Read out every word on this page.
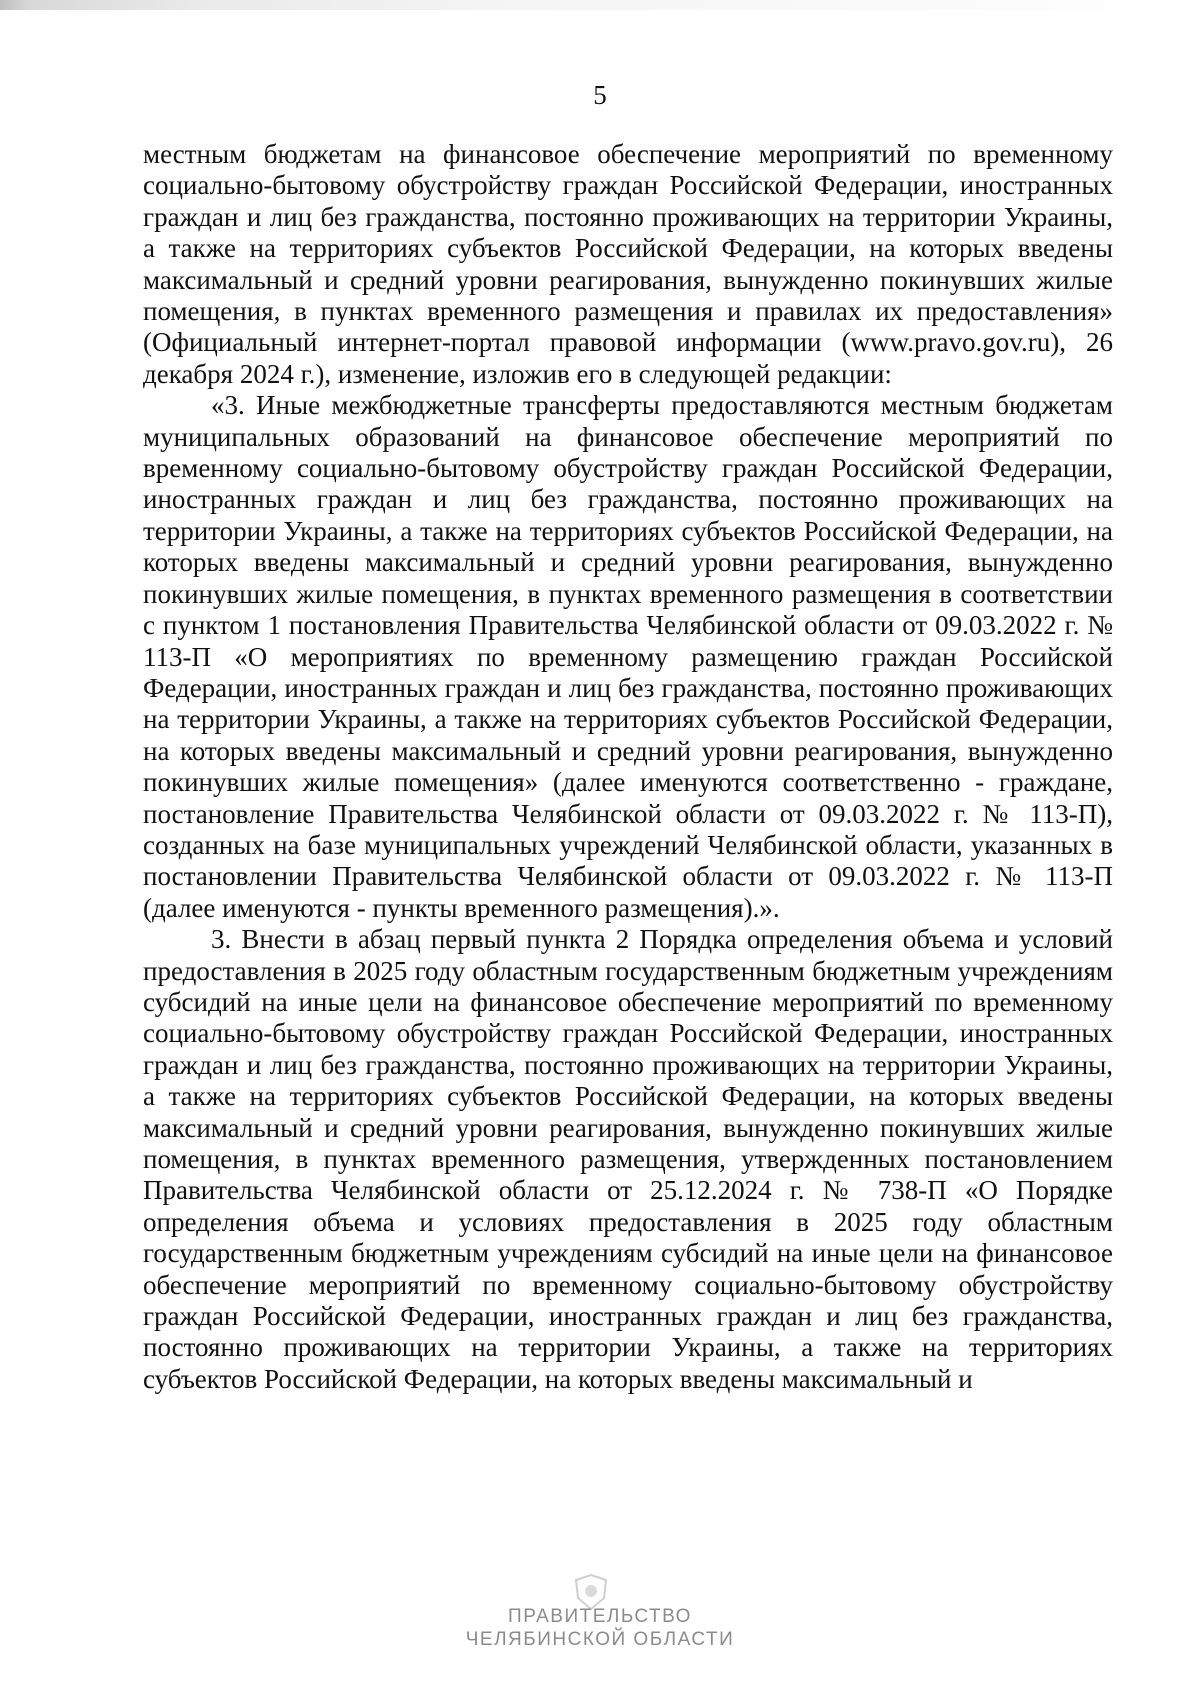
5

местным бюджетам на финансовое обеспечение мероприятий по временному социально-бытовому обустройству граждан Российской Федерации, иностранных граждан и лиц без гражданства, постоянно проживающих на территории Украины, а также на территориях субъектов Российской Федерации, на которых введены максимальный и средний уровни реагирования, вынужденно покинувших жилые помещения, в пунктах временного размещения и правилах их предоставления» (Официальный интернет-портал правовой информации (www.pravo.gov.ru), 26 декабря 2024 г.), изменение, изложив его в следующей редакции:

«3. Иные межбюджетные трансферты предоставляются местным бюджетам муниципальных образований на финансовое обеспечение мероприятий по временному социально-бытовому обустройству граждан Российской Федерации, иностранных граждан и лиц без гражданства, постоянно проживающих на территории Украины, а также на территориях субъектов Российской Федерации, на которых введены максимальный и средний уровни реагирования, вынужденно покинувших жилые помещения, в пунктах временного размещения в соответствии с пунктом 1 постановления Правительства Челябинской области от 09.03.2022 г. № 113-П «О мероприятиях по временному размещению граждан Российской Федерации, иностранных граждан и лиц без гражданства, постоянно проживающих на территории Украины, а также на территориях субъектов Российской Федерации, на которых введены максимальный и средний уровни реагирования, вынужденно покинувших жилые помещения» (далее именуются соответственно - граждане, постановление Правительства Челябинской области от 09.03.2022 г. № 113-П), созданных на базе муниципальных учреждений Челябинской области, указанных в постановлении Правительства Челябинской области от 09.03.2022 г. № 113-П (далее именуются - пункты временного размещения).».

3. Внести в абзац первый пункта 2 Порядка определения объема и условий предоставления в 2025 году областным государственным бюджетным учреждениям субсидий на иные цели на финансовое обеспечение мероприятий по временному социально-бытовому обустройству граждан Российской Федерации, иностранных граждан и лиц без гражданства, постоянно проживающих на территории Украины, а также на территориях субъектов Российской Федерации, на которых введены максимальный и средний уровни реагирования, вынужденно покинувших жилые помещения, в пунктах временного размещения, утвержденных постановлением Правительства Челябинской области от 25.12.2024 г. № 738-П «О Порядке определения объема и условиях предоставления в 2025 году областным государственным бюджетным учреждениям субсидий на иные цели на финансовое обеспечение мероприятий по временному социально-бытовому обустройству граждан Российской Федерации, иностранных граждан и лиц без гражданства, постоянно проживающих на территории Украины, а также на территориях субъектов Российской Федерации, на которых введены максимальный и

ПРАВИТЕЛЬСТВО
ЧЕЛЯБИНСКОЙ ОБЛАСТИ
